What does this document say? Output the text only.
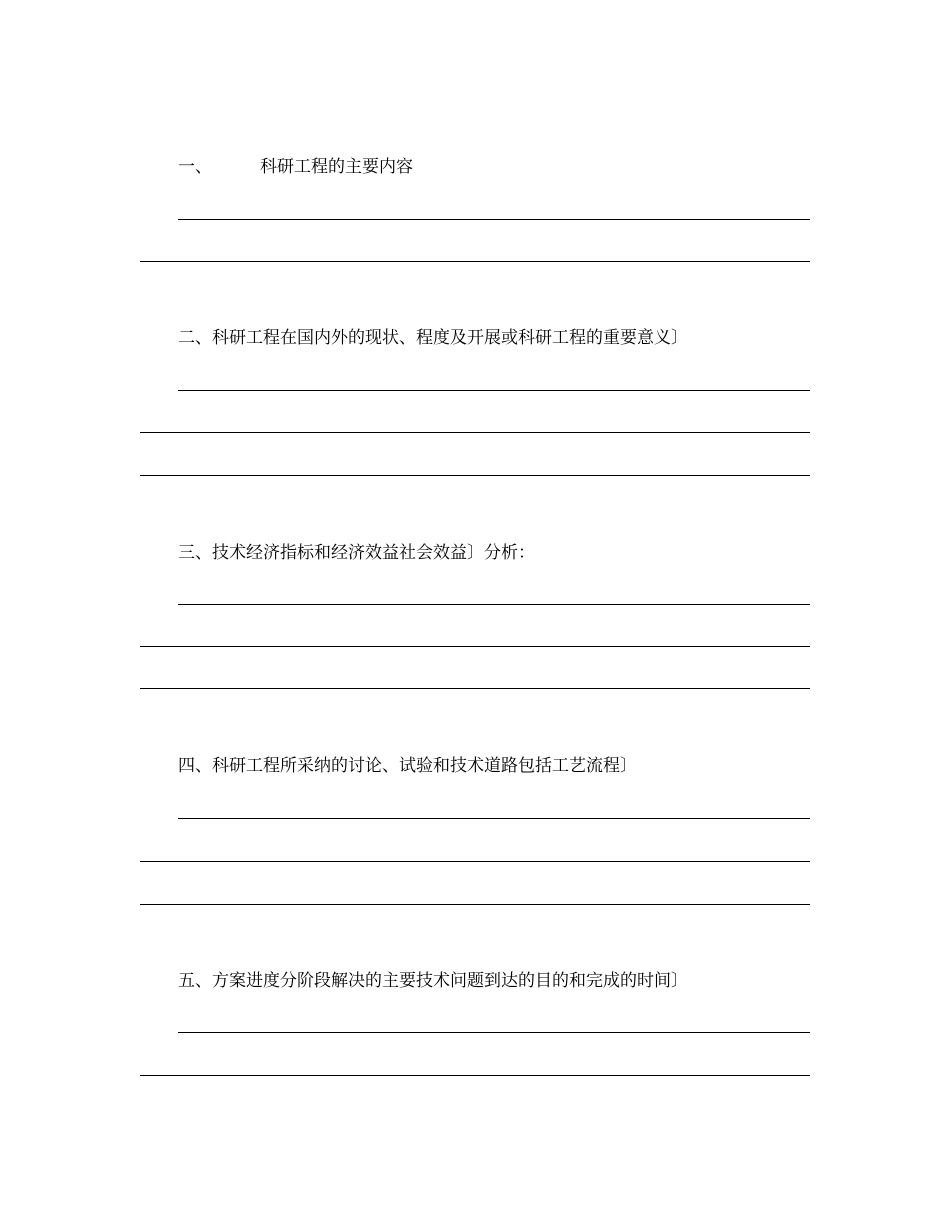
一、	科研工程的主要内容
二、科研工程在国内外的现状、程度及开展或科研工程的重要意义〕
三、技术经济指标和经济效益社会效益〕分析：
四、科研工程所采纳的讨论、试验和技术道路包括工艺流程〕
五、方案进度分阶段解决的主要技术问题到达的目的和完成的时间〕
